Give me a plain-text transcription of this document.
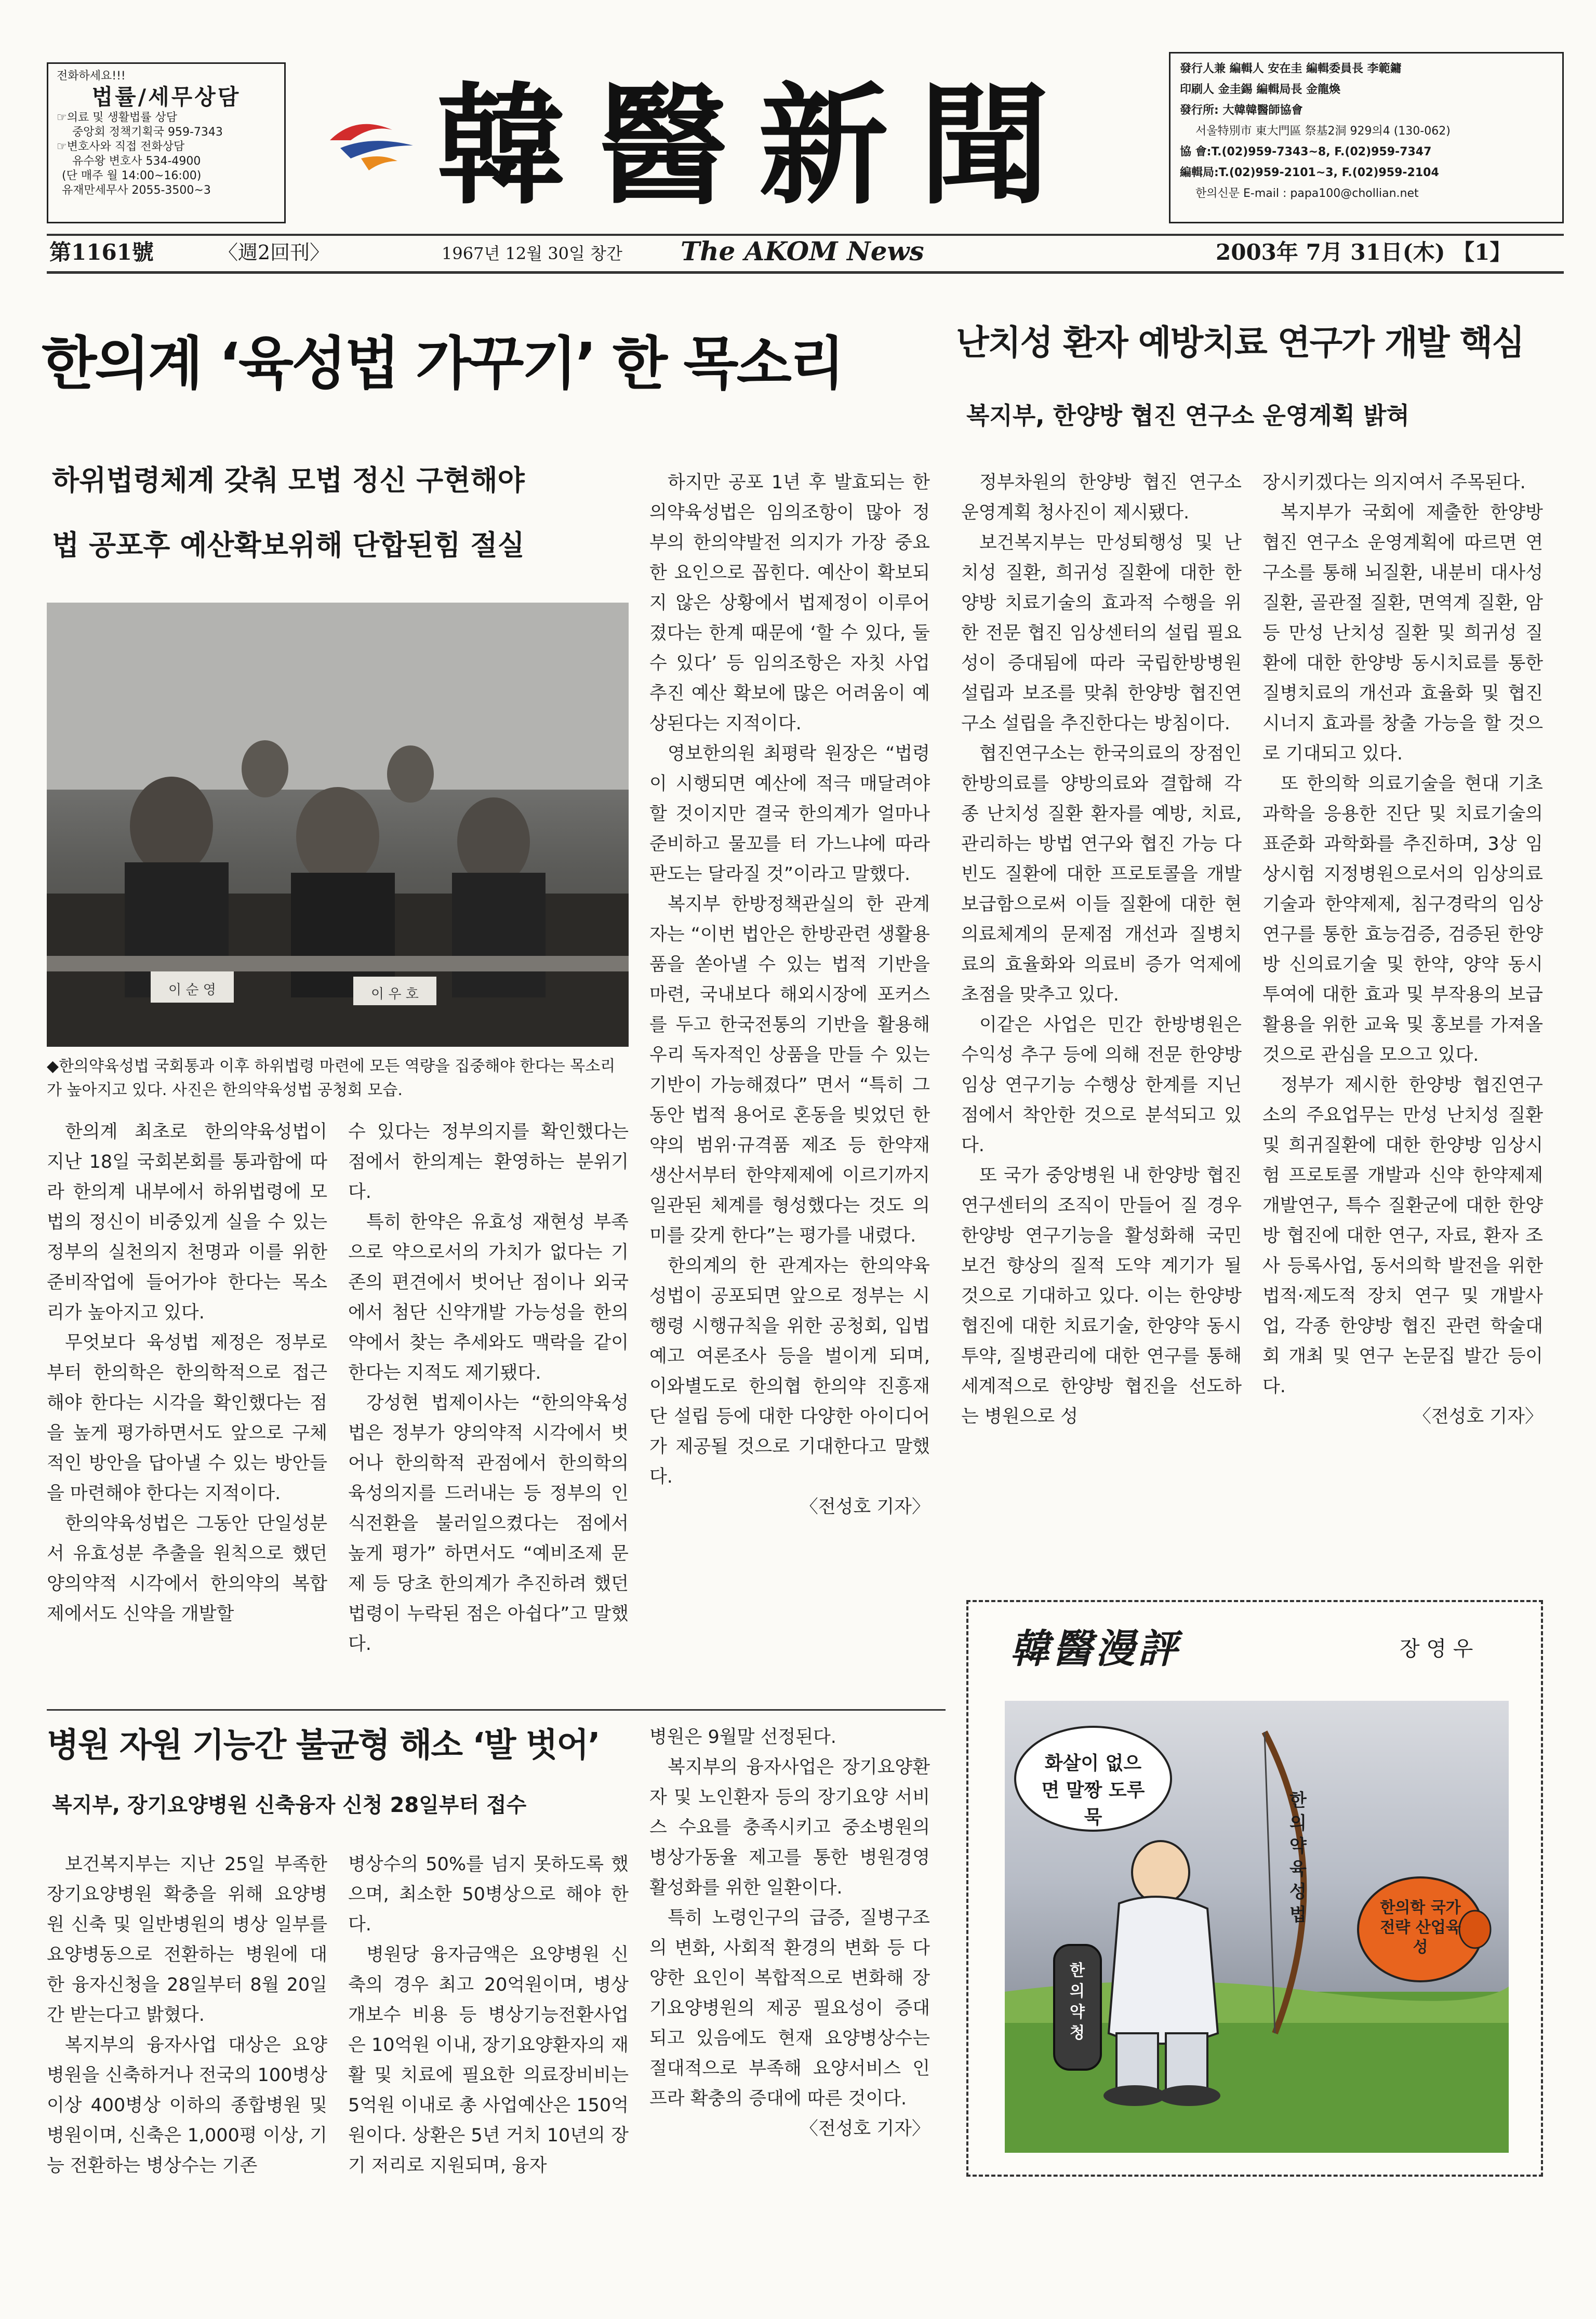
전화하세요!!!
법률/세무상담
☞의료 및 생활법률 상담
중앙회 정책기획국 959-7343
☞변호사와 직접 전화상담
유수왕 변호사 534-4900
(단 매주 월 14:00~16:00)
유재만세무사 2055-3500~3	韓醫新聞
發行人兼 編輯人 安在圭 編輯委員長 李範鏞
印刷人 金圭錫 編輯局長 金龍煥
發行所: 大韓韓醫師協會
서울特別市 東大門區 祭基2洞 929의4 (130-062)
協 會:T.(02)959-7343~8, F.(02)959-7347
編輯局:T.(02)959-2101~3, F.(02)959-2104
한의신문 E-mail : papa100@chollian.net
第1161號	〈週2回刊〉	1967년 12월 30일 창간 The AKOM News	2003年 7月 31日(木) 【1】
한의계 ‘육성법 가꾸기’ 한 목소리
하위법령체계 갖춰 모법 정신 구현해야
법 공포후 예산확보위해 단합된힘 절실
이 순 영	이 우 호
◆한의약육성법 국회통과 이후 하위법령 마련에 모든 역량을 집중해야 한다는 목소리가 높아지고 있다. 사진은 한의약육성법 공청회 모습.

한의계 최초로 한의약육성법이 지난 18일 국회본회를 통과함에 따라 한의계 내부에서 하위법령에 모법의 정신이 비중있게 실을 수 있는 정부의 실천의지 천명과 이를 위한 준비작업에 들어가야 한다는 목소리가 높아지고 있다.

무엇보다 육성법 제정은 정부로부터 한의학은 한의학적으로 접근해야 한다는 시각을 확인했다는 점을 높게 평가하면서도 앞으로 구체적인 방안을 답아낼 수 있는 방안들을 마련해야 한다는 지적이다.

한의약육성법은 그동안 단일성분서 유효성분 추출을 원칙으로 했던 양의약적 시각에서 한의약의 복합제에서도 신약을 개발할

수 있다는 정부의지를 확인했다는 점에서 한의계는 환영하는 분위기다.

특히 한약은 유효성 재현성 부족으로 약으로서의 가치가 없다는 기존의 편견에서 벗어난 점이나 외국에서 첨단 신약개발 가능성을 한의약에서 찾는 추세와도 맥락을 같이 한다는 지적도 제기됐다.

강성현 법제이사는 “한의약육성법은 정부가 양의약적 시각에서 벗어나 한의학적 관점에서 한의학의 육성의지를 드러내는 등 정부의 인식전환을 불러일으켰다는 점에서 높게 평가” 하면서도 “예비조제 문제 등 당초 한의계가 추진하려 했던 법령이 누락된 점은 아쉽다”고 말했다.

하지만 공포 1년 후 발효되는 한의약육성법은 임의조항이 많아 정부의 한의약발전 의지가 가장 중요한 요인으로 꼽힌다. 예산이 확보되지 않은 상황에서 법제정이 이루어졌다는 한계 때문에 ‘할 수 있다, 둘 수 있다’ 등 임의조항은 자칫 사업추진 예산 확보에 많은 어려움이 예상된다는 지적이다.

영보한의원 최평락 원장은 “법령이 시행되면 예산에 적극 매달려야 할 것이지만 결국 한의계가 얼마나 준비하고 물꼬를 터 가느냐에 따라 판도는 달라질 것”이라고 말했다.

복지부 한방정책관실의 한 관계자는 “이번 법안은 한방관련 생활용품을 쏟아낼 수 있는 법적 기반을 마련, 국내보다 해외시장에 포커스를 두고 한국전통의 기반을 활용해 우리 독자적인 상품을 만들 수 있는 기반이 가능해졌다” 면서 “특히 그동안 법적 용어로 혼동을 빚었던 한약의 범위·규격품 제조 등 한약재 생산서부터 한약제제에 이르기까지 일관된 체계를 형성했다는 것도 의미를 갖게 한다”는 평가를 내렸다.

한의계의 한 관계자는 한의약육성법이 공포되면 앞으로 정부는 시행령 시행규칙을 위한 공청회, 입법예고 여론조사 등을 벌이게 되며, 이와별도로 한의협 한의약 진흥재단 설립 등에 대한 다양한 아이디어가 제공될 것으로 기대한다고 말했다.

〈전성호 기자〉

난치성 환자 예방치료 연구가 개발 핵심
복지부, 한양방 협진 연구소 운영계획 밝혀

정부차원의 한양방 협진 연구소 운영계획 청사진이 제시됐다.

보건복지부는 만성퇴행성 및 난치성 질환, 희귀성 질환에 대한 한양방 치료기술의 효과적 수행을 위한 전문 협진 임상센터의 설립 필요성이 증대됨에 따라 국립한방병원 설립과 보조를 맞춰 한양방 협진연구소 설립을 추진한다는 방침이다.

협진연구소는 한국의료의 장점인 한방의료를 양방의료와 결합해 각종 난치성 질환 환자를 예방, 치료, 관리하는 방법 연구와 협진 가능 다빈도 질환에 대한 프로토콜을 개발 보급함으로써 이들 질환에 대한 현 의료체계의 문제점 개선과 질병치료의 효율화와 의료비 증가 억제에 초점을 맞추고 있다.

이같은 사업은 민간 한방병원은 수익성 추구 등에 의해 전문 한양방 임상 연구기능 수행상 한계를 지닌 점에서 착안한 것으로 분석되고 있다.

또 국가 중앙병원 내 한양방 협진 연구센터의 조직이 만들어 질 경우 한양방 연구기능을 활성화해 국민보건 향상의 질적 도약 계기가 될 것으로 기대하고 있다. 이는 한양방 협진에 대한 치료기술, 한양약 동시 투약, 질병관리에 대한 연구를 통해 세계적으로 한양방 협진을 선도하는 병원으로 성

장시키겠다는 의지여서 주목된다.

복지부가 국회에 제출한 한양방 협진 연구소 운영계획에 따르면 연구소를 통해 뇌질환, 내분비 대사성 질환, 골관절 질환, 면역계 질환, 암 등 만성 난치성 질환 및 희귀성 질환에 대한 한양방 동시치료를 통한 질병치료의 개선과 효율화 및 협진 시너지 효과를 창출 가능을 할 것으로 기대되고 있다.

또 한의학 의료기술을 현대 기초과학을 응용한 진단 및 치료기술의 표준화 과학화를 추진하며, 3상 임상시험 지정병원으로서의 임상의료기술과 한약제제, 침구경락의 임상연구를 통한 효능검증, 검증된 한양방 신의료기술 및 한약, 양약 동시투여에 대한 효과 및 부작용의 보급 활용을 위한 교육 및 홍보를 가져올 것으로 관심을 모으고 있다.

정부가 제시한 한양방 협진연구소의 주요업무는 만성 난치성 질환 및 희귀질환에 대한 한양방 임상시험 프로토콜 개발과 신약 한약제제 개발연구, 특수 질환군에 대한 한양방 협진에 대한 연구, 자료, 환자 조사 등록사업, 동서의학 발전을 위한 법적·제도적 장치 연구 및 개발사업, 각종 한양방 협진 관련 학술대회 개최 및 연구 논문집 발간 등이다.

〈전성호 기자〉

병원 자원 기능간 불균형 해소 ‘발 벗어’
복지부, 장기요양병원 신축융자 신청 28일부터 접수

보건복지부는 지난 25일 부족한 장기요양병원 확충을 위해 요양병원 신축 및 일반병원의 병상 일부를 요양병동으로 전환하는 병원에 대한 융자신청을 28일부터 8월 20일간 받는다고 밝혔다.

복지부의 융자사업 대상은 요양병원을 신축하거나 전국의 100병상 이상 400병상 이하의 종합병원 및 병원이며, 신축은 1,000평 이상, 기능 전환하는 병상수는 기존

병상수의 50%를 넘지 못하도록 했으며, 최소한 50병상으로 해야 한다.

병원당 융자금액은 요양병원 신축의 경우 최고 20억원이며, 병상 개보수 비용 등 병상기능전환사업은 10억원 이내, 장기요양환자의 재활 및 치료에 필요한 의료장비비는 5억원 이내로 총 사업예산은 150억원이다. 상환은 5년 거치 10년의 장기 저리로 지원되며, 융자

병원은 9월말 선정된다.

복지부의 융자사업은 장기요양환자 및 노인환자 등의 장기요양 서비스 수요를 충족시키고 중소병원의 병상가동율 제고를 통한 병원경영 활성화를 위한 일환이다.

특히 노령인구의 급증, 질병구조의 변화, 사회적 환경의 변화 등 다양한 요인이 복합적으로 변화해 장기요양병원의 제공 필요성이 증대되고 있음에도 현재 요양병상수는 절대적으로 부족해 요양서비스 인프라 확충의 증대에 따른 것이다.

〈전성호 기자〉

韓醫漫評	장 영 우
화살이 없으면 말짱 도루묵
한의약 육성법
한의약청
한의학 국가전략 산업육성
